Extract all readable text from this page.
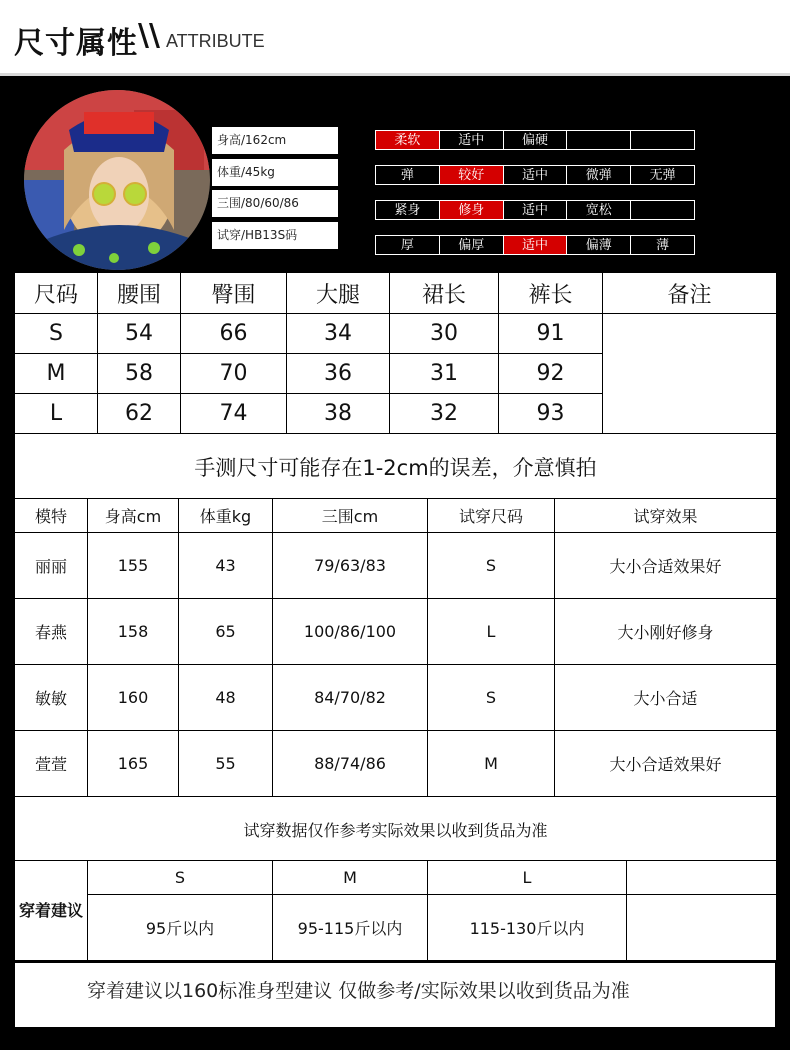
尺寸属性 \\ ATTRIBUTE
身高/162cm
体重/45kg
三围/80/60/86
试穿/HB13S码
柔软	适中	偏硬
弹	较好	适中	微弹	无弹
紧身	修身	适中	宽松
厚	偏厚	适中	偏薄	薄
尺码	腰围	臀围	大腿	裙长	裤长	备注
S	54	66	34	30	91	
M	58	70	36	31	92	
L	62	74	38	32	93	
手测尺寸可能存在1-2cm的误差，介意慎拍						
模特	身高cm	体重kg	三围cm	试穿尺码	试穿效果
丽丽	155	43	79/63/83	S	大小合适效果好
春燕	158	65	100/86/100	L	大小刚好修身
敏敏	160	48	84/70/82	S	大小合适
萱萱	165	55	88/74/86	M	大小合适效果好
试穿数据仅作参考实际效果以收到货品为准					
穿着建议	S	M	L	
	95斤以内	95-115斤以内	115-130斤以内	
穿着建议以160标准身型建议 仅做参考/实际效果以收到货品为准
